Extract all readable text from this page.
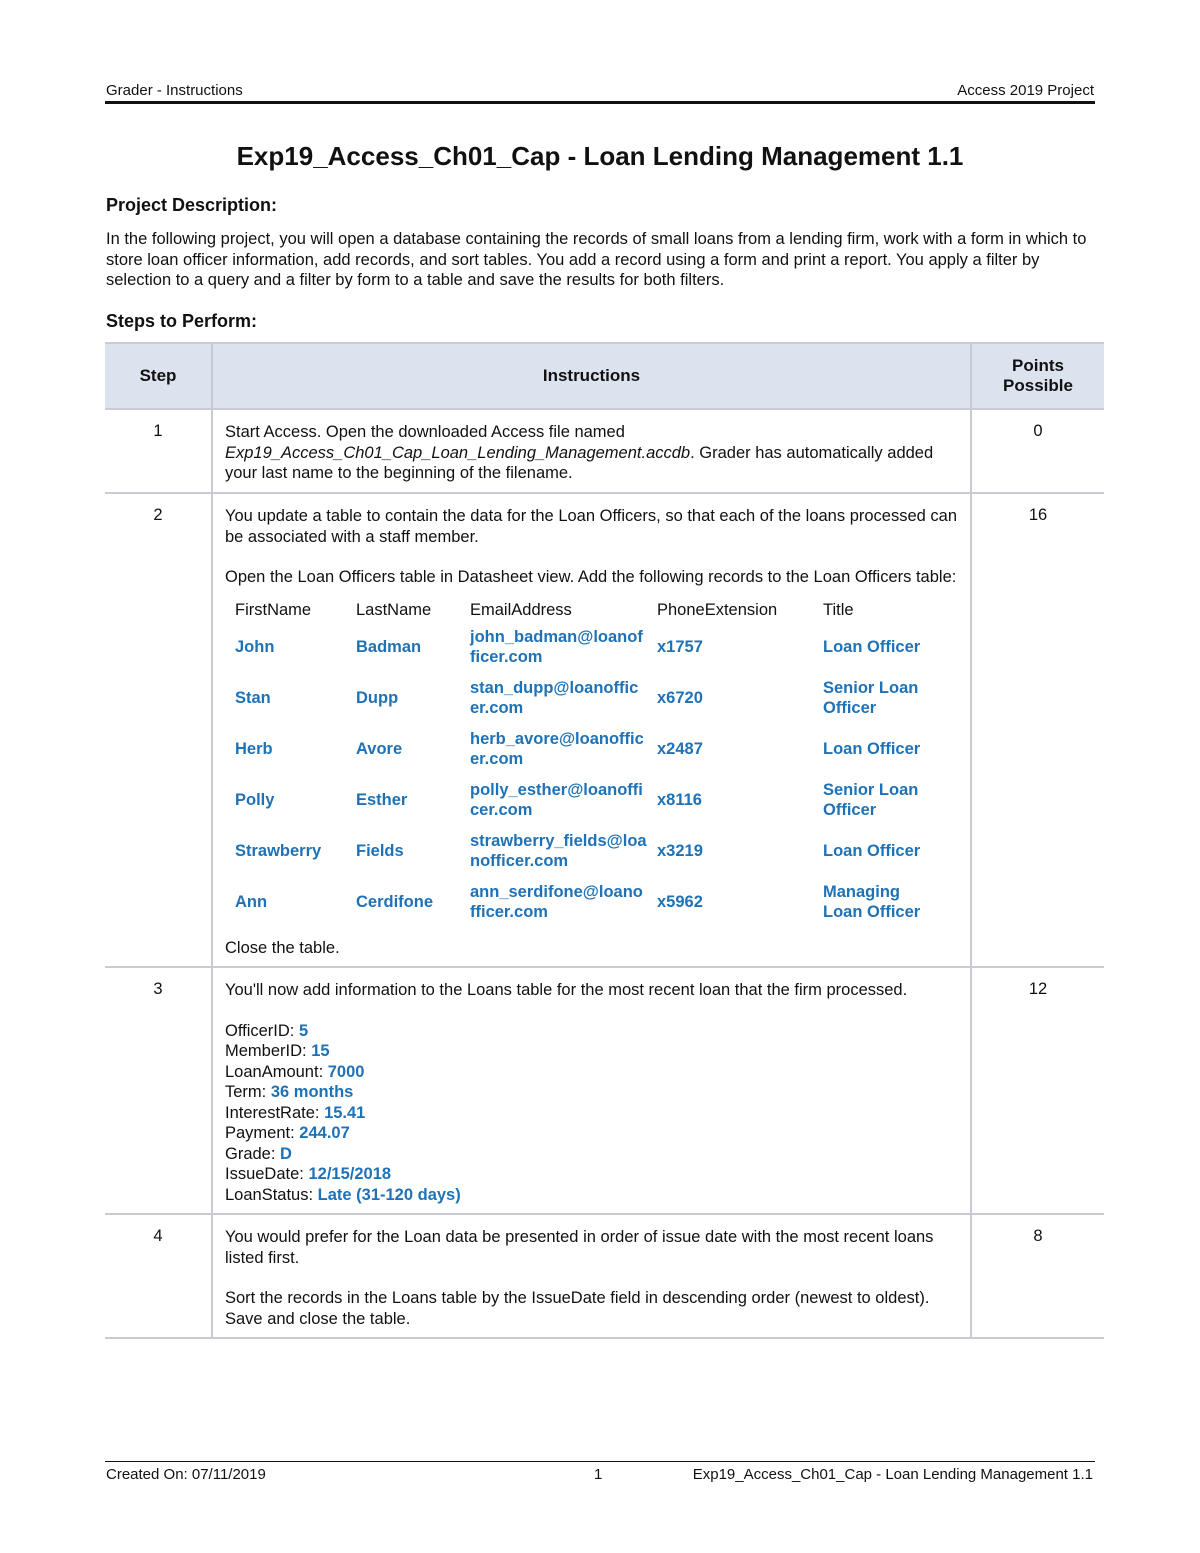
Grader - Instructions	Access 2019 Project
Exp19_Access_Ch01_Cap - Loan Lending Management 1.1
Project Description:
In the following project, you will open a database containing the records of small loans from a lending firm, work with a form in which to store loan officer information, add records, and sort tables. You add a record using a form and print a report. You apply a filter by selection to a query and a filter by form to a table and save the results for both filters.
Steps to Perform:
Step	Instructions	Points Possible
1	Start Access. Open the downloaded Access file named
Exp19_Access_Ch01_Cap_Loan_Lending_Management.accdb. Grader has automatically added your last name to the beginning of the filename.	0
2	You update a table to contain the data for the Loan Officers, so that each of the loans processed can be associated with a staff member.

Open the Loan Officers table in Datasheet view. Add the following records to the Loan Officers table:

FirstName	LastName	EmailAddress	PhoneExtension	Title
John	Badman	john_badman@loanofficer.com	x1757	Loan Officer
Stan	Dupp	stan_dupp@loanofficer.com	x6720	Senior Loan Officer
Herb	Avore	herb_avore@loanofficer.com	x2487	Loan Officer
Polly	Esther	polly_esther@loanofficer.com	x8116	Senior Loan Officer
Strawberry	Fields	strawberry_fields@loanofficer.com	x3219	Loan Officer
Ann	Cerdifone	ann_serdifone@loanofficer.com	x5962	Managing Loan Officer

Close the table.

	16
3	You'll now add information to the Loans table for the most recent loan that the firm processed.

OfficerID: 5
MemberID: 15
LoanAmount: 7000
Term: 36 months
InterestRate: 15.41
Payment: 244.07
Grade: D
IssueDate: 12/15/2018
LoanStatus: Late (31-120 days)
	12
4	You would prefer for the Loan data be presented in order of issue date with the most recent loans listed first.

Sort the records in the Loans table by the IssueDate field in descending order (newest to oldest). Save and close the table.

	8
Created On: 07/11/2019	1	Exp19_Access_Ch01_Cap - Loan Lending Management 1.1
